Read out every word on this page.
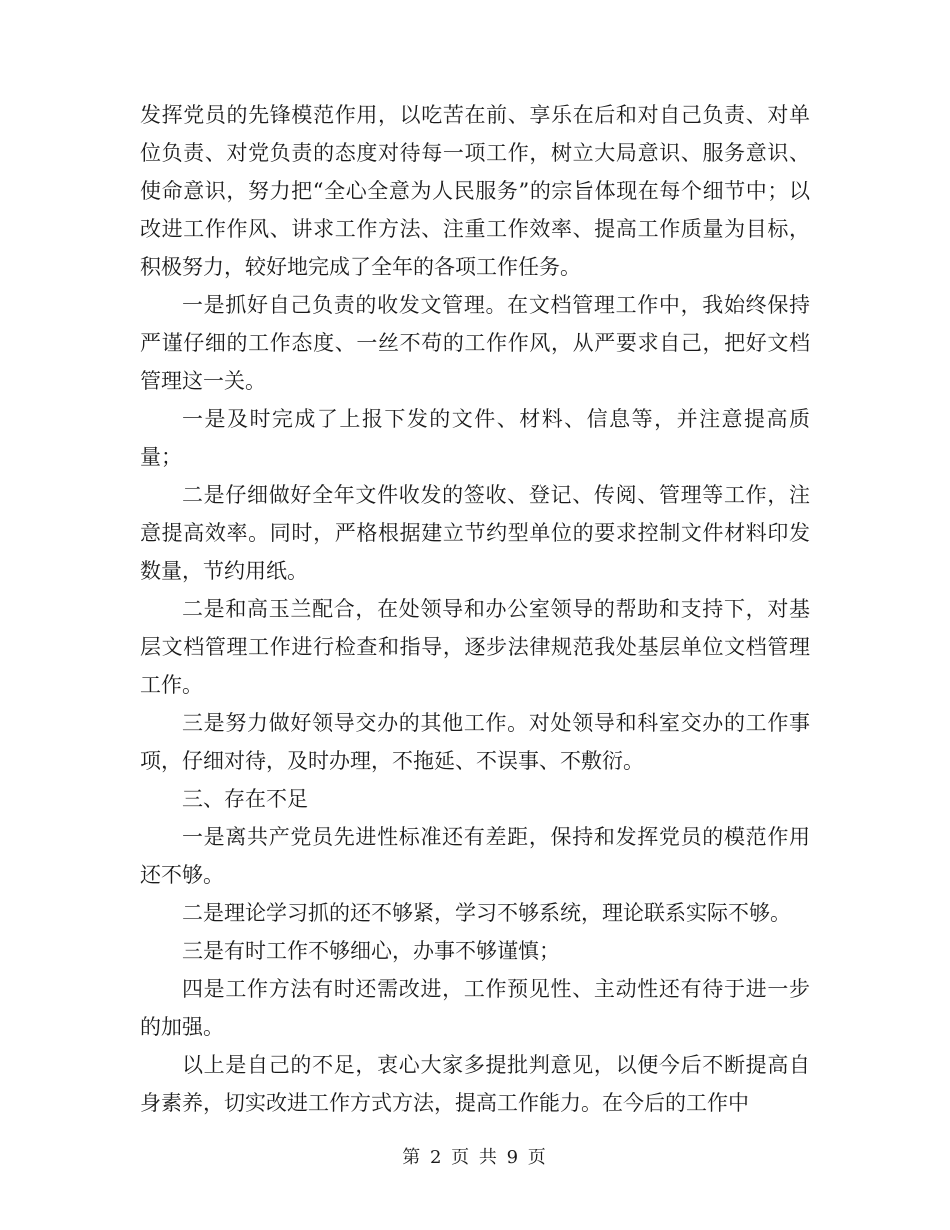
发挥党员的先锋模范作用，以吃苦在前、享乐在后和对自己负责、对单位负责、对党负责的态度对待每一项工作，树立大局意识、服务意识、使命意识，努力把“全心全意为人民服务”的宗旨体现在每个细节中；以改进工作作风、讲求工作方法、注重工作效率、提高工作质量为目标，积极努力，较好地完成了全年的各项工作任务。

一是抓好自己负责的收发文管理。在文档管理工作中，我始终保持严谨仔细的工作态度、一丝不苟的工作作风，从严要求自己，把好文档管理这一关。

一是及时完成了上报下发的文件、材料、信息等，并注意提高质量；

二是仔细做好全年文件收发的签收、登记、传阅、管理等工作，注意提高效率。同时，严格根据建立节约型单位的要求控制文件材料印发数量，节约用纸。

二是和高玉兰配合，在处领导和办公室领导的帮助和支持下，对基层文档管理工作进行检查和指导，逐步法律规范我处基层单位文档管理工作。

三是努力做好领导交办的其他工作。对处领导和科室交办的工作事项，仔细对待，及时办理，不拖延、不误事、不敷衍。

三、存在不足

一是离共产党员先进性标准还有差距，保持和发挥党员的模范作用还不够。

二是理论学习抓的还不够紧，学习不够系统，理论联系实际不够。

三是有时工作不够细心，办事不够谨慎；

四是工作方法有时还需改进，工作预见性、主动性还有待于进一步的加强。

以上是自己的不足，衷心大家多提批判意见，以便今后不断提高自身素养，切实改进工作方式方法，提高工作能力。在今后的工作中

第 2 页 共 9 页
